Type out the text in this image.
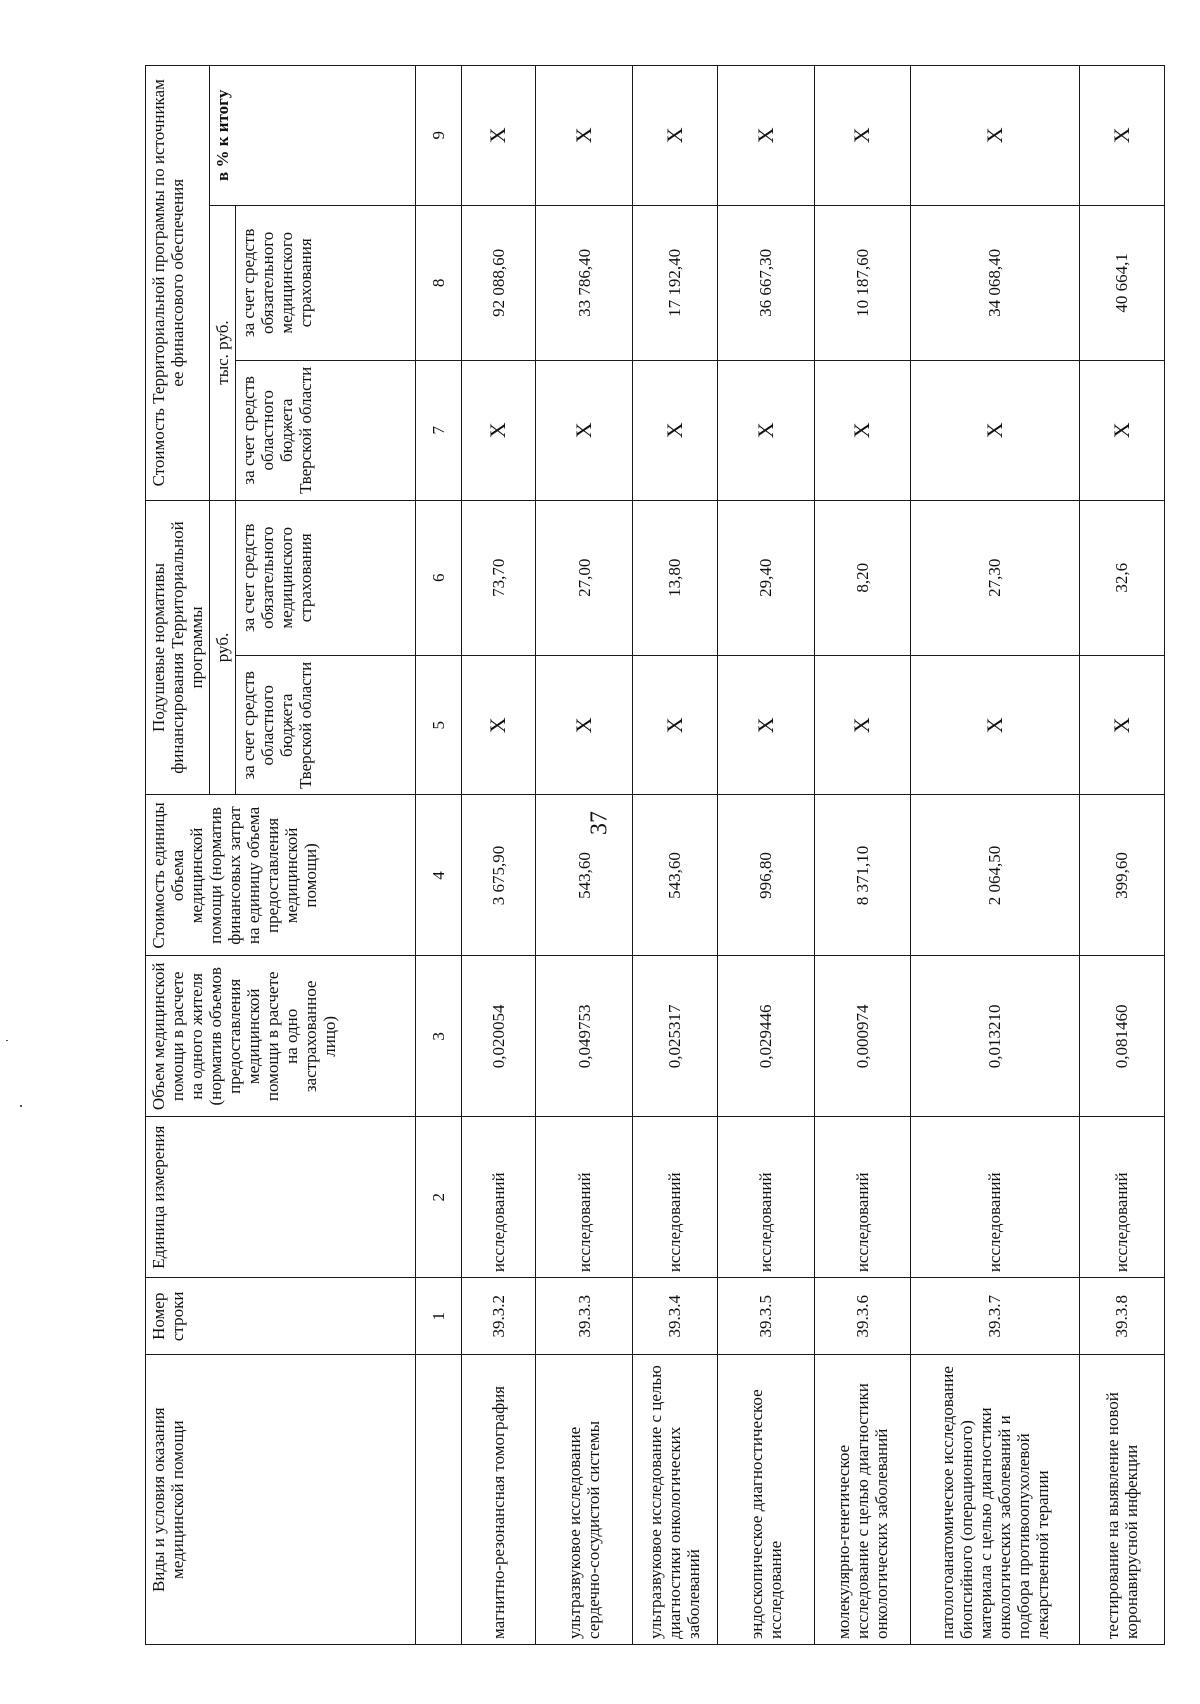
37
Виды и условия оказания медицинской помощи	Номер строки	Единица измерения	Объем медицинской помощи в расчете на одного жителя (норматив объемов предоставления медицинской помощи в расчете на одно застрахованное лицо)	Стоимость единицы объема медицинской помощи (норматив финансовых затрат на единицу объема предоставления медицинской помощи)	Подушевые нормативы финансирования Территориальной программы		Стоимость Территориальной программы по источникам ее финансового обеспечения		
					руб.		тыс. руб.		в % к итогу
					за счет средств областного бюджета Тверской области	за счет средств обязательного медицинского страхования	за счет средств областного бюджета Тверской области	за счет средств обязательного медицинского страхования	
	1	2	3	4	5	6	7	8	9
магнитно-резонансная томография	39.3.2	исследований	0,020054	3 675,90	Х	73,70	Х	92 088,60	Х
ультразвуковое исследование сердечно-сосудистой системы	39.3.3	исследований	0,049753	543,60	Х	27,00	Х	33 786,40	Х
ультразвуковое исследование с целью диагностики онкологических заболеваний	39.3.4	исследований	0,025317	543,60	Х	13,80	Х	17 192,40	Х
эндоскопическое диагностическое исследование	39.3.5	исследований	0,029446	996,80	Х	29,40	Х	36 667,30	Х
молекулярно-генетическое исследование с целью диагностики онкологических заболеваний	39.3.6	исследований	0,000974	8 371,10	Х	8,20	Х	10 187,60	Х
патологоанатомическое исследование биопсийного (операционного) материала с целью диагностики онкологических заболеваний и подбора противоопухолевой лекарственной терапии	39.3.7	исследований	0,013210	2 064,50	Х	27,30	Х	34 068,40	Х
тестирование на выявление новой коронавирусной инфекции	39.3.8	исследований	0,081460	399,60	Х	32,6	Х	40 664,1	Х
